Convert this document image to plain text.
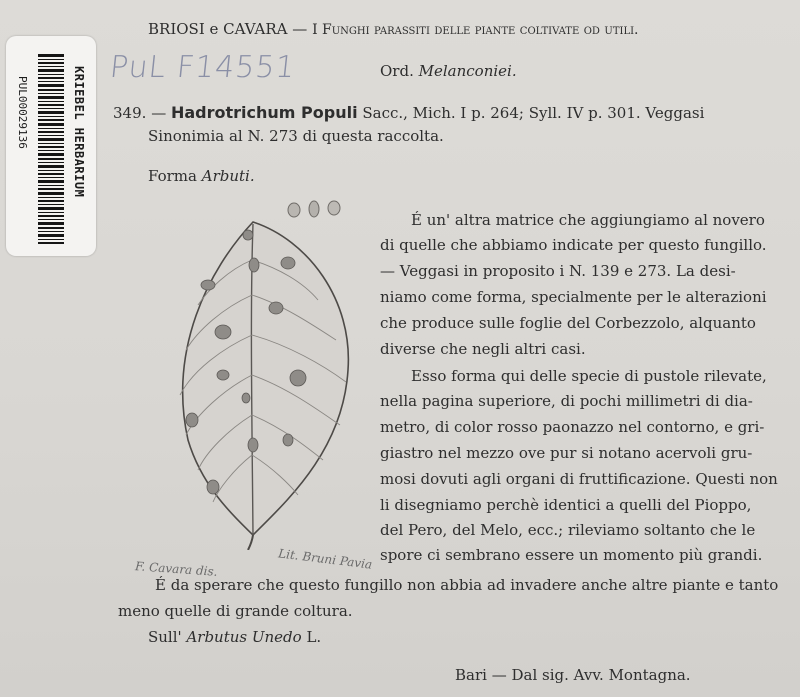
KRIEBEL HERBARIUM
PUL00029136
BRIOSI e CAVARA — I Funghi parassiti delle piante coltivate od utili.
PuL F14551	Ord. Melanconiei.
349. — Hadrotrichum Populi Sacc., Mich. I p. 264; Syll. IV p. 301. Veggasi
Sinonimia al N. 273 di questa raccolta.
Forma Arbuti.
É un' altra matrice che aggiungiamo al novero
di quelle che abbiamo indicate per questo fungillo.
— Veggasi in proposito i N. 139 e 273. La desi-
niamo come forma, specialmente per le alterazioni
che produce sulle foglie del Corbezzolo, alquanto
diverse che negli altri casi.
Esso forma qui delle specie di pustole rilevate,
nella pagina superiore, di pochi millimetri di dia-
metro, di color rosso paonazzo nel contorno, e gri-
giastro nel mezzo ove pur si notano acervoli gru-
mosi dovuti agli organi di fruttificazione. Questi non
li disegniamo perchè identici a quelli del Pioppo,
del Pero, del Melo, ecc.; rileviamo soltanto che le
spore ci sembrano essere un momento più grandi.
F. Cavara dis.	Lit. Bruni Pavia
É da sperare che questo fungillo non abbia ad invadere anche altre piante e tanto
meno quelle di grande coltura.
Sull' Arbutus Unedo L.
Bari — Dal sig. Avv. Montagna.
